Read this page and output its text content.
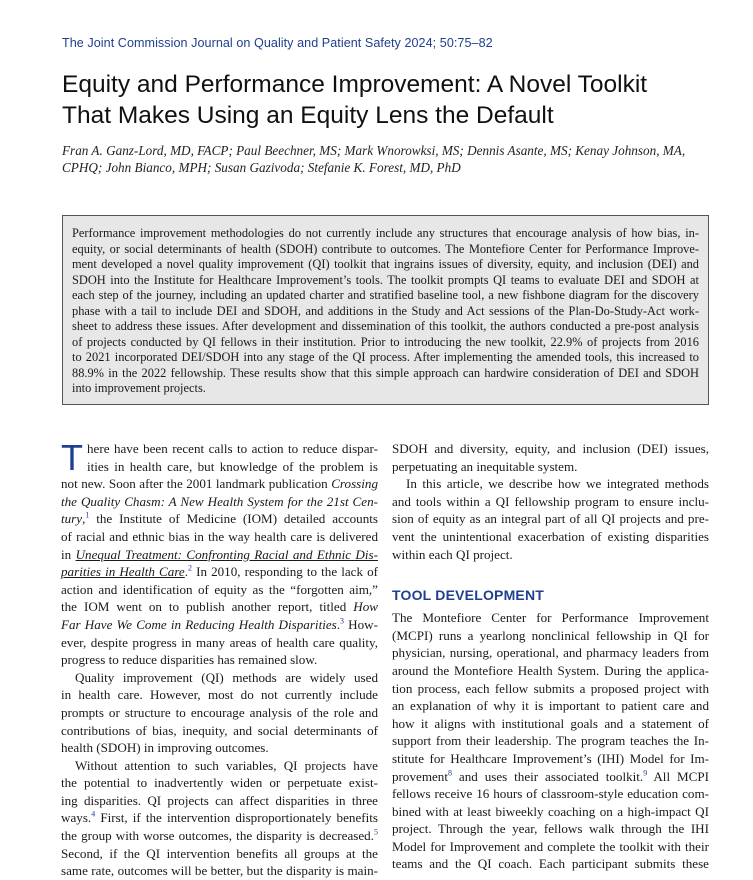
The Joint Commission Journal on Quality and Patient Safety 2024; 50:75–82
Equity and Performance Improvement: A Novel Toolkit
That Makes Using an Equity Lens the Default
Fran A. Ganz-Lord, MD, FACP; Paul Beechner, MS; Mark Wnorowksi, MS; Dennis Asante, MS; Kenay Johnson, MA,
CPHQ; John Bianco, MPH; Susan Gazivoda; Stefanie K. Forest, MD, PhD
Performance improvement methodologies do not currently include any structures that encourage analysis of how bias, in-
equity, or social determinants of health (SDOH) contribute to outcomes. The Montefiore Center for Performance Improve-
ment developed a novel quality improvement (QI) toolkit that ingrains issues of diversity, equity, and inclusion (DEI) and
SDOH into the Institute for Healthcare Improvement’s tools. The toolkit prompts QI teams to evaluate DEI and SDOH at
each step of the journey, including an updated charter and stratified baseline tool, a new fishbone diagram for the discovery
phase with a tail to include DEI and SDOH, and additions in the Study and Act sessions of the Plan-Do-Study-Act work-
sheet to address these issues. After development and dissemination of this toolkit, the authors conducted a pre-post analysis
of projects conducted by QI fellows in their institution. Prior to introducing the new toolkit, 22.9% of projects from 2016
to 2021 incorporated DEI/SDOH into any stage of the QI process. After implementing the amended tools, this increased to
88.9% in the 2022 fellowship. These results show that this simple approach can hardwire consideration of DEI and SDOH
into improvement projects.
T here have been recent calls to action to reduce dispar-
ities in health care, but knowledge of the problem is
not new. Soon after the 2001 landmark publication Crossing
the Quality Chasm: A New Health System for the 21st Cen-
tury,$^1$ the Institute of Medicine (IOM) detailed accounts
of racial and ethnic bias in the way health care is delivered
in Unequal Treatment: Confronting Racial and Ethnic Dis-
parities in Health Care.$^2$ In 2010, responding to the lack of
action and identification of equity as the “forgotten aim,”
the IOM went on to publish another report, titled How
Far Have We Come in Reducing Health Disparities.$^3$ How-
ever, despite progress in many areas of health care quality,
progress to reduce disparities has remained slow.
Quality improvement (QI) methods are widely used
in health care. However, most do not currently include
prompts or structure to encourage analysis of the role and
contributions of bias, inequity, and social determinants of
health (SDOH) in improving outcomes.
Without attention to such variables, QI projects have
the potential to inadvertently widen or perpetuate exist-
ing disparities. QI projects can affect disparities in three
ways.$^4$ First, if the intervention disproportionately benefits
the group with worse outcomes, the disparity is decreased.$^5$
Second, if the QI intervention benefits all groups at the
same rate, outcomes will be better, but the disparity is main-
SDOH and diversity, equity, and inclusion (DEI) issues,
perpetuating an inequitable system.
In this article, we describe how we integrated methods
and tools within a QI fellowship program to ensure inclu-
sion of equity as an integral part of all QI projects and pre-
vent the unintentional exacerbation of existing disparities
within each QI project.
TOOL DEVELOPMENT
The Montefiore Center for Performance Improvement
(MCPI) runs a yearlong nonclinical fellowship in QI for
physician, nursing, operational, and pharmacy leaders from
around the Montefiore Health System. During the applica-
tion process, each fellow submits a proposed project with
an explanation of why it is important to patient care and
how it aligns with institutional goals and a statement of
support from their leadership. The program teaches the In-
stitute for Healthcare Improvement’s (IHI) Model for Im-
provement$^8$ and uses their associated toolkit.$^9$ All MCPI
fellows receive 16 hours of classroom-style education com-
bined with at least biweekly coaching on a high-impact QI
project. Through the year, fellows walk through the IHI
Model for Improvement and complete the toolkit with their
teams and the QI coach. Each participant submits these
